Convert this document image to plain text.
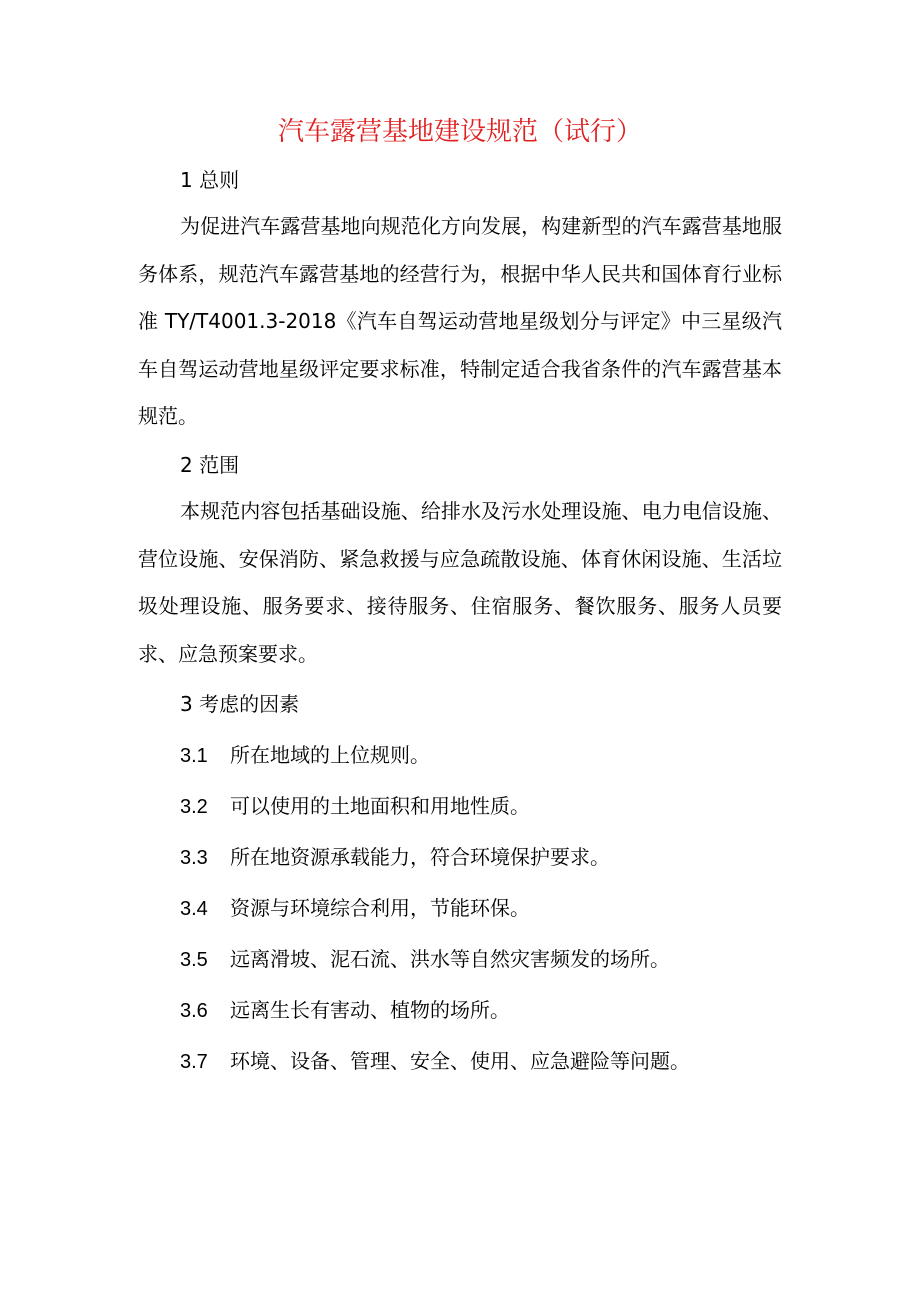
汽车露营基地建设规范（试行）
1 总则
为促进汽车露营基地向规范化方向发展，构建新型的汽车露营基地服务体系，规范汽车露营基地的经营行为，根据中华人民共和国体育行业标准 TY/T4001.3-2018《汽车自驾运动营地星级划分与评定》中三星级汽车自驾运动营地星级评定要求标准，特制定适合我省条件的汽车露营基本规范。
2 范围
本规范内容包括基础设施、给排水及污水处理设施、电力电信设施、营位设施、安保消防、紧急救援与应急疏散设施、体育休闲设施、生活垃圾处理设施、服务要求、接待服务、住宿服务、餐饮服务、服务人员要求、应急预案要求。
3 考虑的因素
3.1 所在地域的上位规则。
3.2 可以使用的土地面积和用地性质。
3.3 所在地资源承载能力，符合环境保护要求。
3.4 资源与环境综合利用，节能环保。
3.5 远离滑坡、泥石流、洪水等自然灾害频发的场所。
3.6 远离生长有害动、植物的场所。
3.7 环境、设备、管理、安全、使用、应急避险等问题。
